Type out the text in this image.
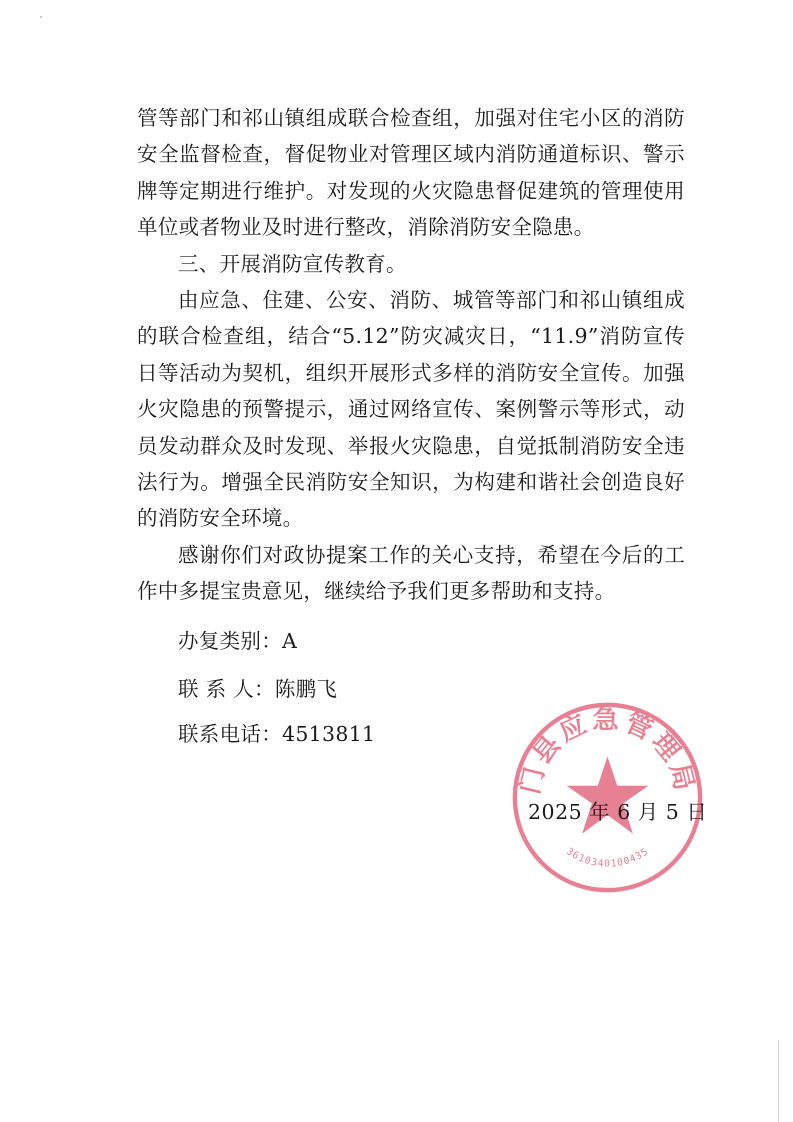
管等部门和祁山镇组成联合检查组，加强对住宅小区的消防安全监督检查，督促物业对管理区域内消防通道标识、警示牌等定期进行维护。对发现的火灾隐患督促建筑的管理使用单位或者物业及时进行整改，消除消防安全隐患。

三、开展消防宣传教育。

由应急、住建、公安、消防、城管等部门和祁山镇组成的联合检查组，结合“5.12”防灾减灾日，“11.9”消防宣传日等活动为契机，组织开展形式多样的消防安全宣传。加强火灾隐患的预警提示，通过网络宣传、案例警示等形式，动员发动群众及时发现、举报火灾隐患，自觉抵制消防安全违法行为。增强全民消防安全知识，为构建和谐社会创造良好的消防安全环境。

感谢你们对政协提案工作的关心支持，希望在今后的工作中多提宝贵意见，继续给予我们更多帮助和支持。

办复类别：A
联 系 人：陈鹏飞
联系电话：4513811
门县应急管理局
3610340100435
2025 年 6 月 5 日
